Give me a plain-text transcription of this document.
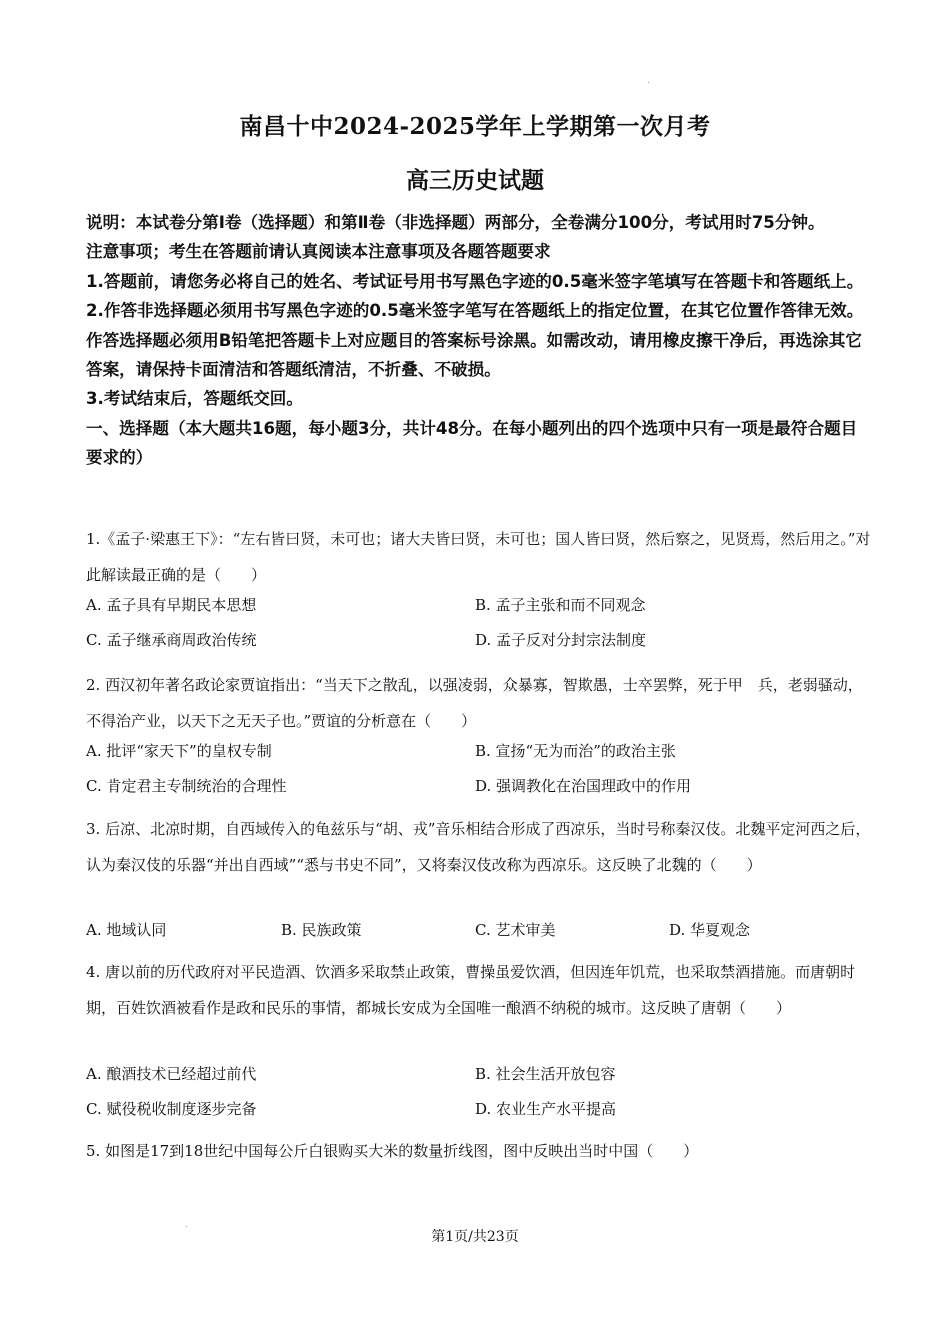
南昌十中2024-2025学年上学期第一次月考
高三历史试题

说明：本试卷分第Ⅰ卷（选择题）和第Ⅱ卷（非选择题）两部分，全卷满分100分，考试用时75分钟。

注意事项；考生在答题前请认真阅读本注意事项及各题答题要求

1.答题前，请您务必将自己的姓名、考试证号用书写黑色字迹的0.5毫米签字笔填写在答题卡和答题纸上。

2.作答非选择题必须用书写黑色字迹的0.5毫米签字笔写在答题纸上的指定位置，在其它位置作答律无效。作答选择题必须用B铅笔把答题卡上对应题目的答案标号涂黑。如需改动，请用橡皮擦干净后，再选涂其它答案，请保持卡面清洁和答题纸清洁，不折叠、不破损。

3.考试结束后，答题纸交回。

一、选择题（本大题共16题，每小题3分，共计48分。在每小题列出的四个选项中只有一项是最符合题目要求的）

1.《孟子·梁惠王下》：“左右皆曰贤，未可也；诸大夫皆曰贤，未可也；国人皆曰贤，然后察之，见贤焉，然后用之。”对此解读最正确的是（　　）

A. 孟子具有早期民本思想	B. 孟子主张和而不同观念
C. 孟子继承商周政治传统	D. 孟子反对分封宗法制度

2. 西汉初年著名政论家贾谊指出：“当天下之散乱，以强凌弱，众暴寡，智欺愚，士卒罢弊，死于甲　兵，老弱骚动，不得治产业，以天下之无天子也。”贾谊的分析意在（　　）

A. 批评“家天下”的皇权专制	B. 宣扬“无为而治”的政治主张
C. 肯定君主专制统治的合理性	D. 强调教化在治国理政中的作用

3. 后凉、北凉时期，自西域传入的龟兹乐与“胡、戎”音乐相结合形成了西凉乐，当时号称秦汉伎。北魏平定河西之后，认为秦汉伎的乐器“并出自西域”“悉与书史不同”，又将秦汉伎改称为西凉乐。这反映了北魏的（　　）

A. 地域认同	B. 民族政策	C. 艺术审美	D. 华夏观念

4. 唐以前的历代政府对平民造酒、饮酒多采取禁止政策，曹操虽爱饮酒，但因连年饥荒，也采取禁酒措施。而唐朝时期，百姓饮酒被看作是政和民乐的事情，都城长安成为全国唯一酿酒不纳税的城市。这反映了唐朝（　　）

A. 酿酒技术已经超过前代	B. 社会生活开放包容
C. 赋役税收制度逐步完备	D. 农业生产水平提高

5. 如图是17到18世纪中国每公斤白银购买大米的数量折线图，图中反映出当时中国（　　）

第1页/共23页
